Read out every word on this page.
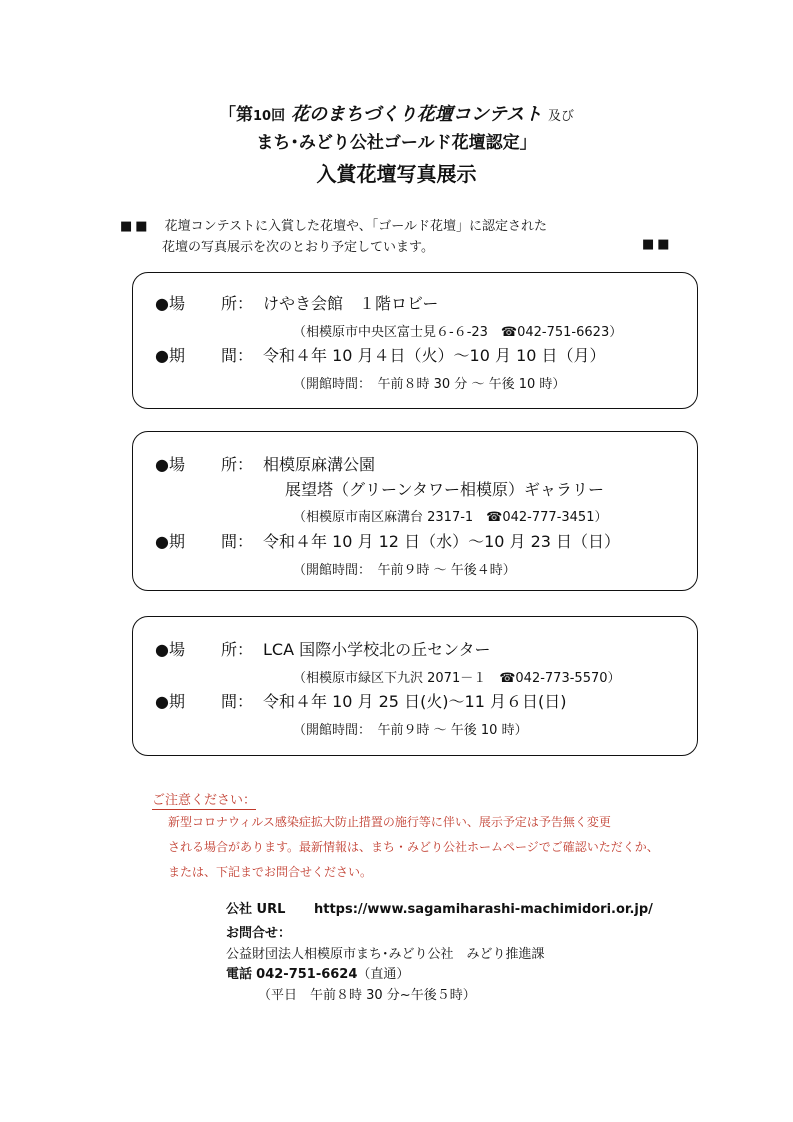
「第10回 花のまちづくり花壇コンテスト 及び
まち･みどり公社ゴールド花壇認定」
入賞花壇写真展示
■■ 花壇コンテストに入賞した花壇や、「ゴールド花壇」に認定された
花壇の写真展示を次のとおり予定しています。	■■
●場 所： けやき会館　１階ロビー
（相模原市中央区富士見６-６-23　☎042-751-6623）
●期 間： 令和４年 10 月４日（火）～10 月 10 日（月）
（開館時間：　午前８時 30 分 ～ 午後 10 時）
●場 所： 相模原麻溝公園
展望塔（グリーンタワー相模原）ギャラリー
（相模原市南区麻溝台 2317-1　☎042-777-3451）
●期 間： 令和４年 10 月 12 日（水）～10 月 23 日（日）
（開館時間：　午前９時 ～ 午後４時）
●場 所： LCA 国際小学校北の丘センター
（相模原市緑区下九沢 2071－１　☎042-773-5570）
●期 間： 令和４年 10 月 25 日(火)～11 月６日(日)
（開館時間：　午前９時 ～ 午後 10 時）
ご注意ください：
新型コロナウィルス感染症拡大防止措置の施行等に伴い、展示予定は予告無く変更
される場合があります。最新情報は、まち・みどり公社ホームページでご確認いただくか、
または、下記までお問合せください。
公社 URL https://www.sagamiharashi-machimidori.or.jp/
お問合せ：
公益財団法人相模原市まち･みどり公社　みどり推進課
電話 042-751-6624（直通）
（平日　午前８時 30 分~午後５時）
